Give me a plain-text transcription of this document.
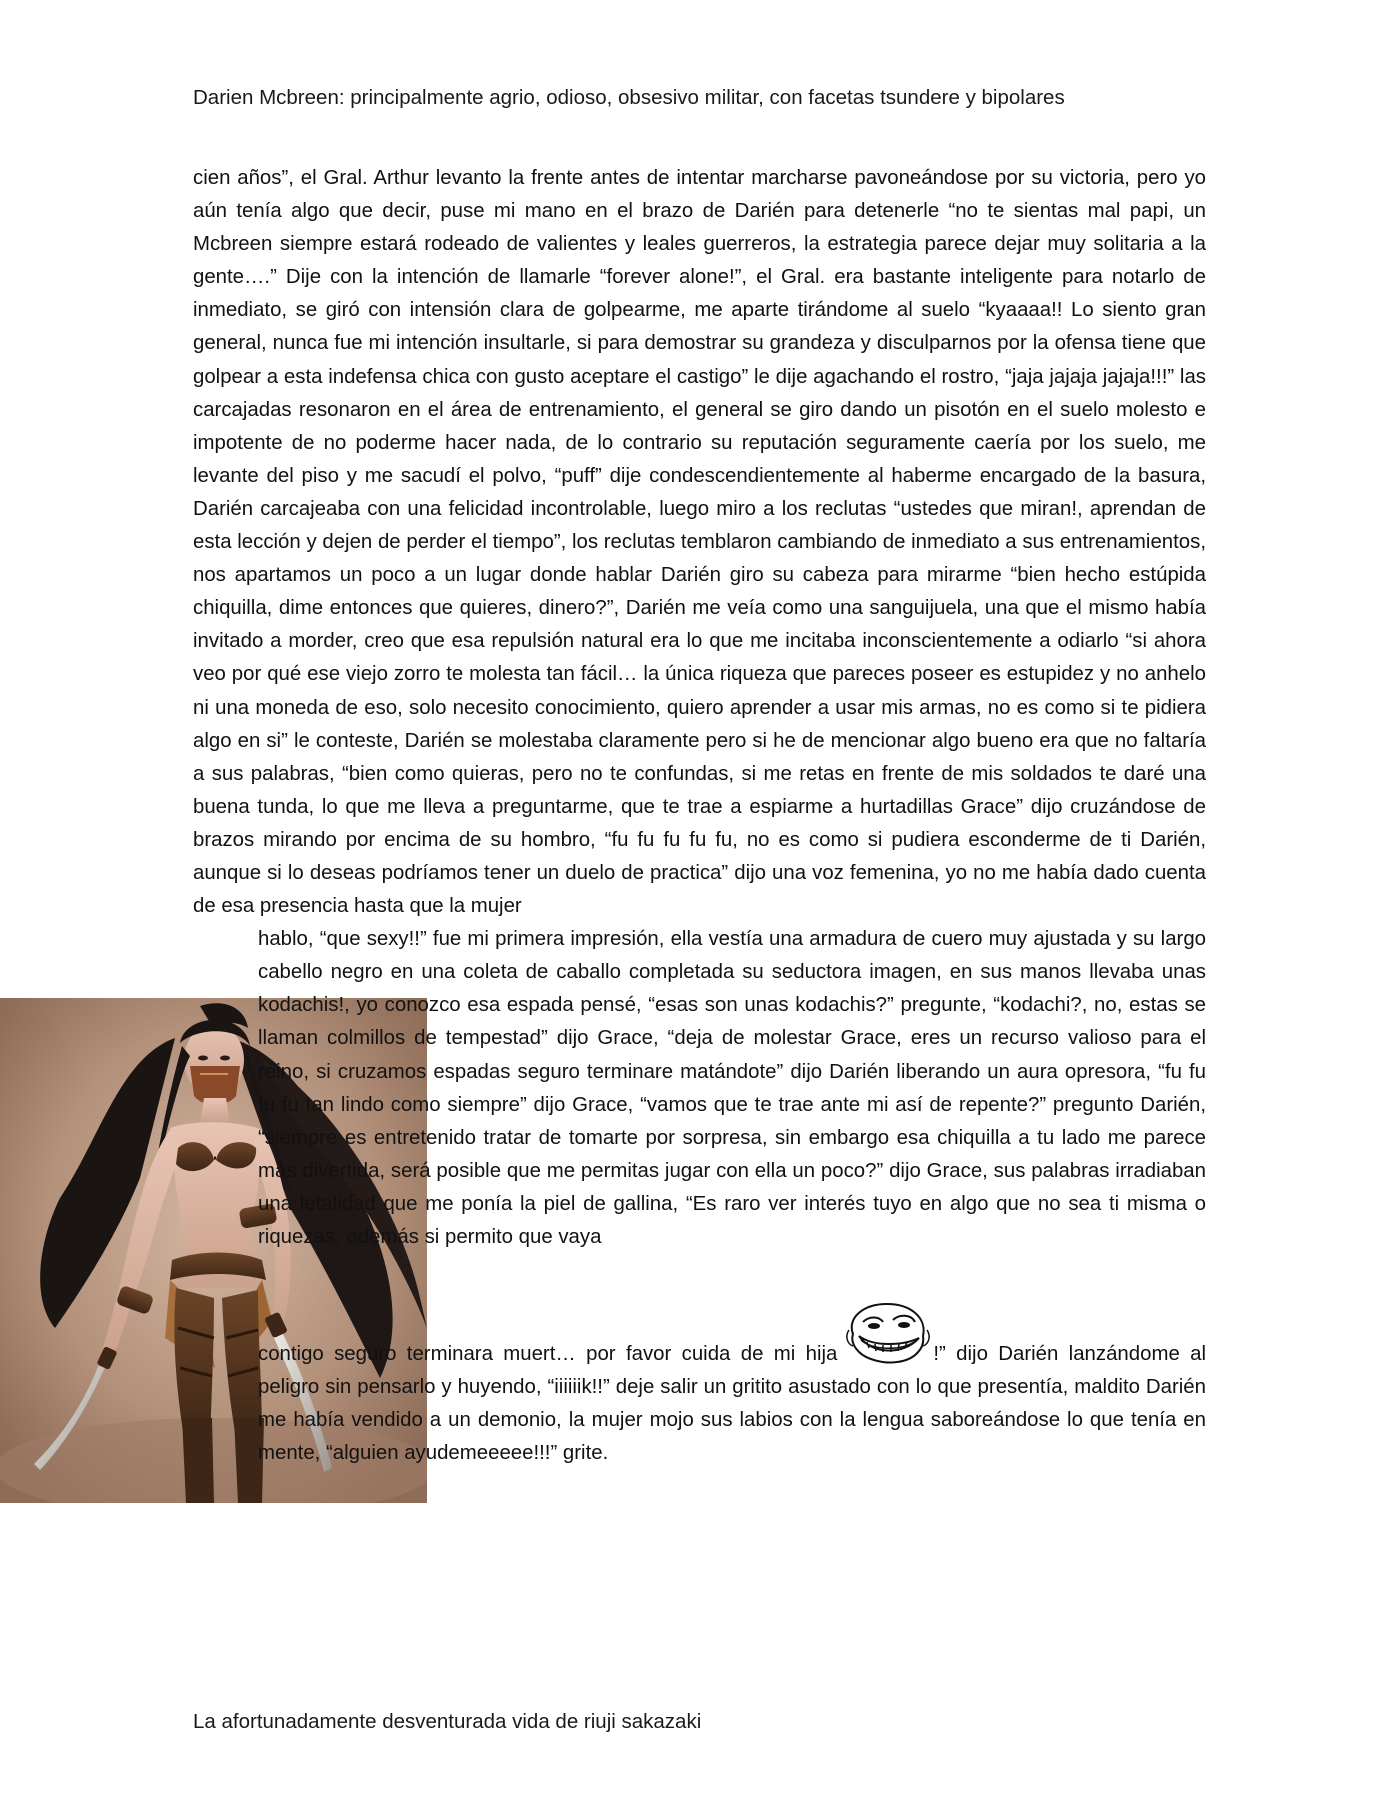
Darien Mcbreen: principalmente agrio, odioso, obsesivo militar, con facetas tsundere y bipolares

cien años”, el Gral. Arthur levanto la frente antes de intentar marcharse pavoneándose por su victoria, pero yo aún tenía algo que decir, puse mi mano en el brazo de Darién para detenerle “no te sientas mal papi, un Mcbreen siempre estará rodeado de valientes y leales guerreros, la estrategia parece dejar muy solitaria a la gente….” Dije con la intención de llamarle “forever alone!”, el Gral. era bastante inteligente para notarlo de inmediato, se giró con intensión clara de golpearme, me aparte tirándome al suelo “kyaaaa!! Lo siento gran general, nunca fue mi intención insultarle, si para demostrar su grandeza y disculparnos por la ofensa tiene que golpear a esta indefensa chica con gusto aceptare el castigo” le dije agachando el rostro, “jaja jajaja jajaja!!!” las carcajadas resonaron en el área de entrenamiento, el general se giro dando un pisotón en el suelo molesto e impotente de no poderme hacer nada, de lo contrario su reputación seguramente caería por los suelo, me levante del piso y me sacudí el polvo, “puff” dije condescendientemente al haberme encargado de la basura, Darién carcajeaba con una felicidad incontrolable, luego miro a los reclutas “ustedes que miran!, aprendan de esta lección y dejen de perder el tiempo”, los reclutas temblaron cambiando de inmediato a sus entrenamientos, nos apartamos un poco a un lugar donde hablar Darién giro su cabeza para mirarme “bien hecho estúpida chiquilla, dime entonces que quieres, dinero?”, Darién me veía como una sanguijuela, una que el mismo había invitado a morder, creo que esa repulsión natural era lo que me incitaba inconscientemente a odiarlo “si ahora veo por qué ese viejo zorro te molesta tan fácil… la única riqueza que pareces poseer es estupidez y no anhelo ni una moneda de eso, solo necesito conocimiento, quiero aprender a usar mis armas, no es como si te pidiera algo en si” le conteste, Darién se molestaba claramente pero si he de mencionar algo bueno era que no faltaría a sus palabras, “bien como quieras, pero no te confundas, si me retas en frente de mis soldados te daré una buena tunda, lo que me lleva a preguntarme, que te trae a espiarme a hurtadillas Grace” dijo cruzándose de brazos mirando por encima de su hombro, “fu fu fu fu fu, no es como si pudiera esconderme de ti Darién, aunque si lo deseas podríamos tener un duelo de practica” dijo una voz femenina, yo no me había dado cuenta de esa presencia hasta que la mujer

hablo, “que sexy!!” fue mi primera impresión, ella vestía una armadura de cuero muy ajustada y su largo cabello negro en una coleta de caballo completada su seductora imagen, en sus manos llevaba unas kodachis!, yo conozco esa espada pensé, “esas son unas kodachis?” pregunte, “kodachi?, no, estas se llaman colmillos de tempestad” dijo Grace, “deja de molestar Grace, eres un recurso valioso para el reino, si cruzamos espadas seguro terminare matándote” dijo Darién liberando un aura opresora, “fu fu fu fu tan lindo como siempre” dijo Grace, “vamos que te trae ante mi así de repente?” pregunto Darién, “siempre es entretenido tratar de tomarte por sorpresa, sin embargo esa chiquilla a tu lado me parece más divertida, será posible que me permitas jugar con ella un poco?” dijo Grace, sus palabras irradiaban una letalidad que me ponía la piel de gallina, “Es raro ver interés tuyo en algo que no sea ti misma o riquezas, además si permito que vaya

contigo seguro terminara muert… por favor cuida de mi hija	!” dijo Darién lanzándome al peligro sin pensarlo y huyendo, “iiiiiik!!” deje salir un gritito asustado con lo que presentía, maldito Darién me había vendido a un demonio, la mujer mojo sus labios con la lengua saboreándose lo que tenía en mente, “alguien ayudemeeeee!!!” grite.

La afortunadamente desventurada vida de riuji sakazaki
